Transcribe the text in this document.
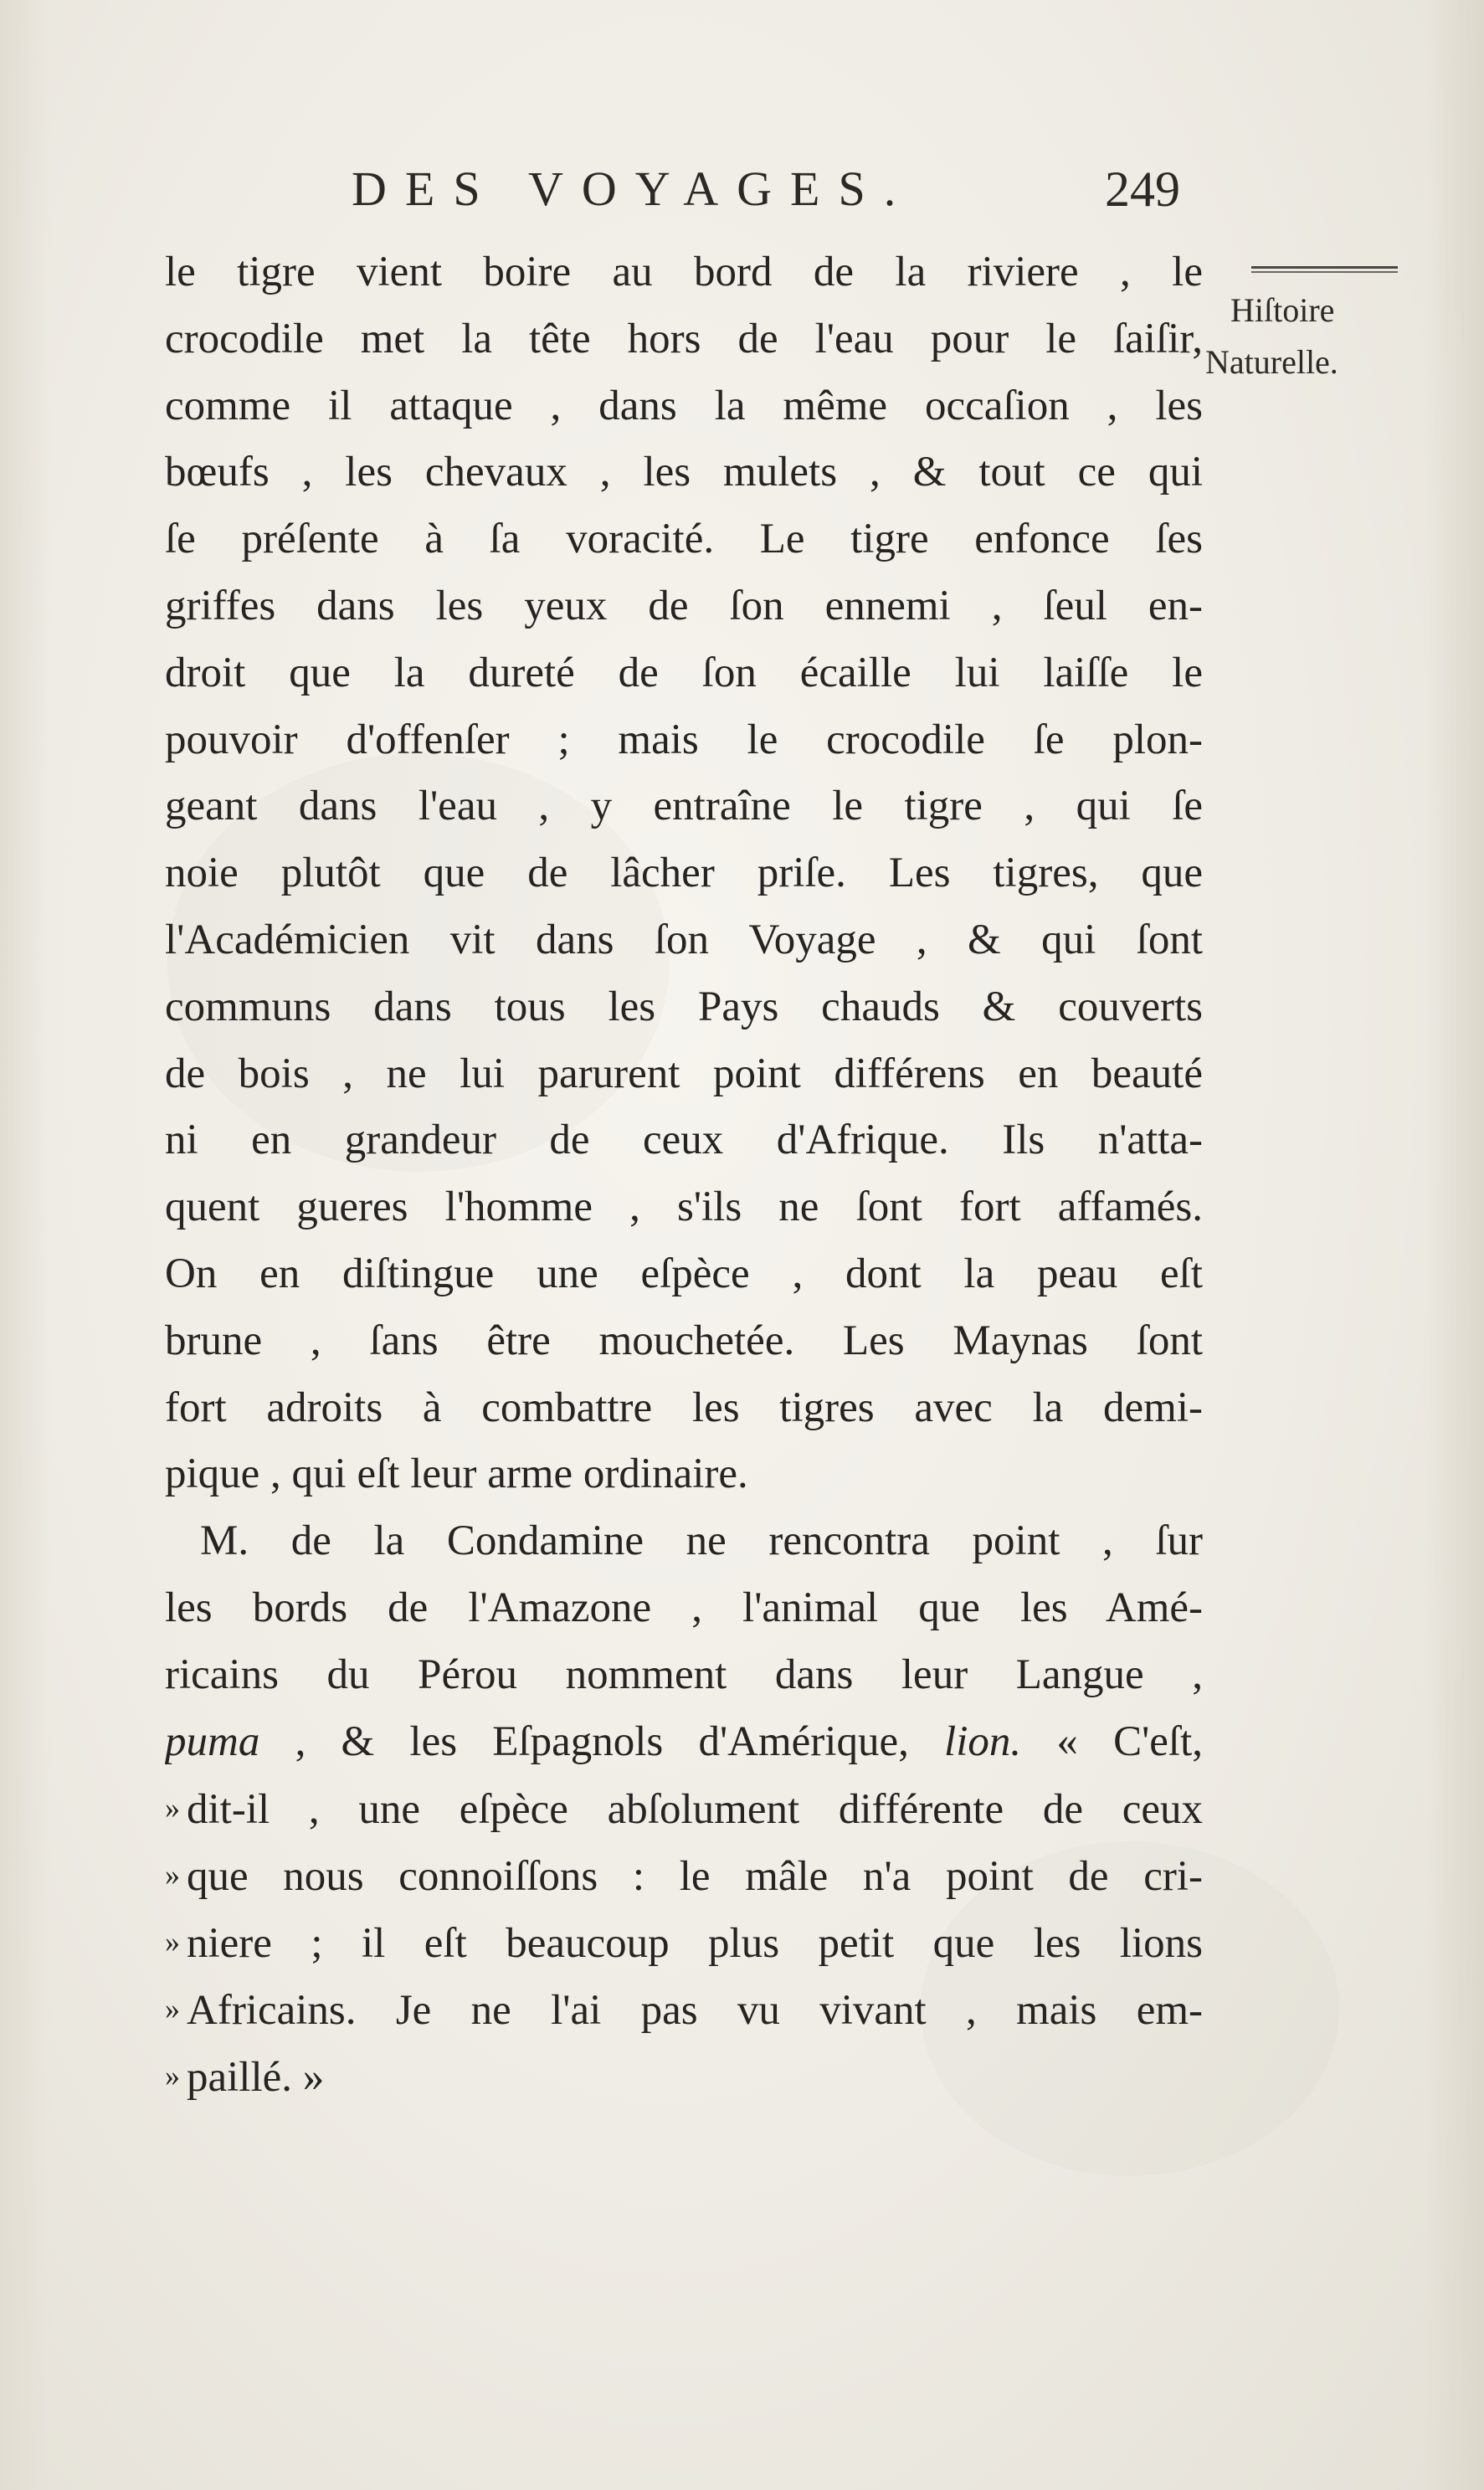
DES VOYAGES.	249
Hiſtoire
Naturelle.
le tigre vient boire au bord de la riviere , le
crocodile met la tête hors de l'eau pour le ſaiſir,
comme il attaque , dans la même occaſion , les
bœufs , les chevaux , les mulets , & tout ce qui
ſe préſente à ſa voracité. Le tigre enfonce ſes
griffes dans les yeux de ſon ennemi , ſeul en-
droit que la dureté de ſon écaille lui laiſſe le
pouvoir d'offenſer ; mais le crocodile ſe plon-
geant dans l'eau , y entraîne le tigre , qui ſe
noie plutôt que de lâcher priſe. Les tigres, que
l'Académicien vit dans ſon Voyage , & qui ſont
communs dans tous les Pays chauds & couverts
de bois , ne lui parurent point différens en beauté
ni en grandeur de ceux d'Afrique. Ils n'atta-
quent gueres l'homme , s'ils ne ſont fort affamés.
On en diſtingue une eſpèce , dont la peau eſt
brune , ſans être mouchetée. Les Maynas ſont
fort adroits à combattre les tigres avec la demi-
pique , qui eſt leur arme ordinaire.
M. de la Condamine ne rencontra point , ſur
les bords de l'Amazone , l'animal que les Amé-
ricains du Pérou nomment dans leur Langue ,
puma , & les Eſpagnols d'Amérique, lion. « C'eſt,
» dit-il , une eſpèce abſolument différente de ceux
» que nous connoiſſons : le mâle n'a point de cri-
» niere ; il eſt beaucoup plus petit que les lions
» Africains. Je ne l'ai pas vu vivant , mais em-
» paillé. »
